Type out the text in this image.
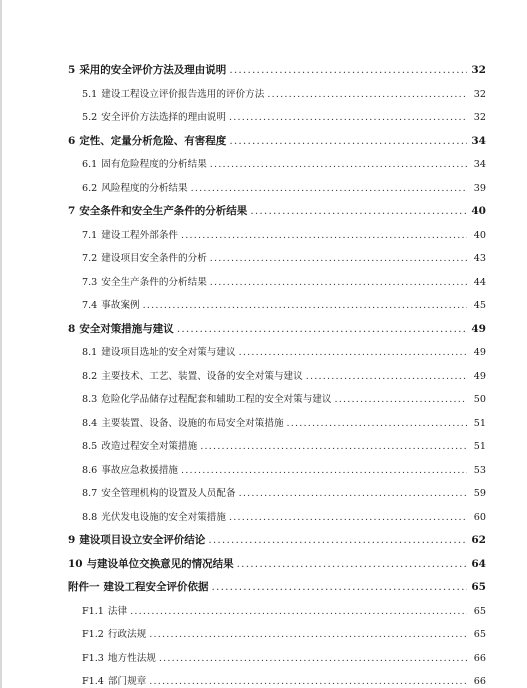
5 采用的安全评价方法及理由说明 .....	32
5.1 建设工程设立评价报告选用的评价方法 .....	32
5.2 安全评价方法选择的理由说明 .....	32
6 定性、定量分析危险、有害程度 .....	34
6.1 固有危险程度的分析结果 .....	34
6.2 风险程度的分析结果 .....	39
7 安全条件和安全生产条件的分析结果 .....	40
7.1 建设工程外部条件 .....	40
7.2 建设项目安全条件的分析 .....	43
7.3 安全生产条件的分析结果 .....	44
7.4 事故案例 .....	45
8 安全对策措施与建议 .....	49
8.1 建设项目选址的安全对策与建议 .....	49
8.2 主要技术、工艺、装置、设备的安全对策与建议 .....	49
8.3 危险化学品储存过程配套和辅助工程的安全对策与建议 .....	50
8.4 主要装置、设备、设施的布局安全对策措施 .....	51
8.5 改造过程安全对策措施 .....	51
8.6 事故应急救援措施 .....	53
8.7 安全管理机构的设置及人员配备 .....	59
8.8 光伏发电设施的安全对策措施 .....	60
9 建设项目设立安全评价结论 .....	62
10 与建设单位交换意见的情况结果 .....	64
附件一 建设工程安全评价依据 .....	65
F1.1 法律 .....	65
F1.2 行政法规 .....	65
F1.3 地方性法规 .....	66
F1.4 部门规章 .....	66
